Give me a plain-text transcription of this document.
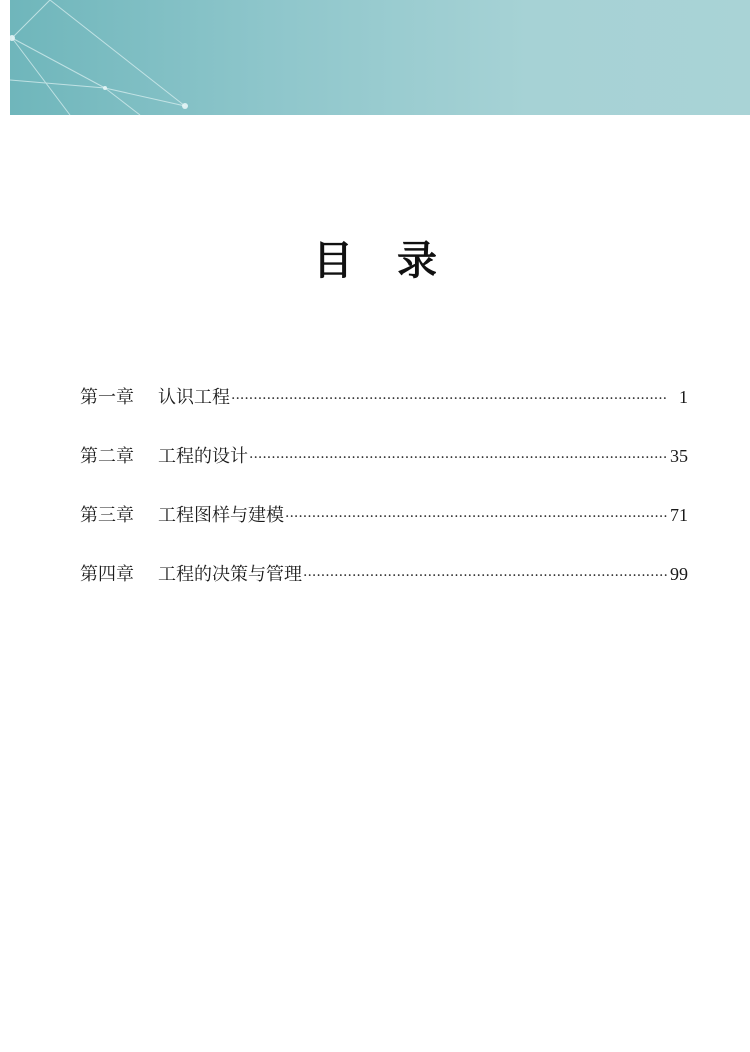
目录
第一章	认识工程 ·····	1
第二章	工程的设计 ·····	35
第三章	工程图样与建模 ·····	71
第四章	工程的决策与管理 ·····	99
